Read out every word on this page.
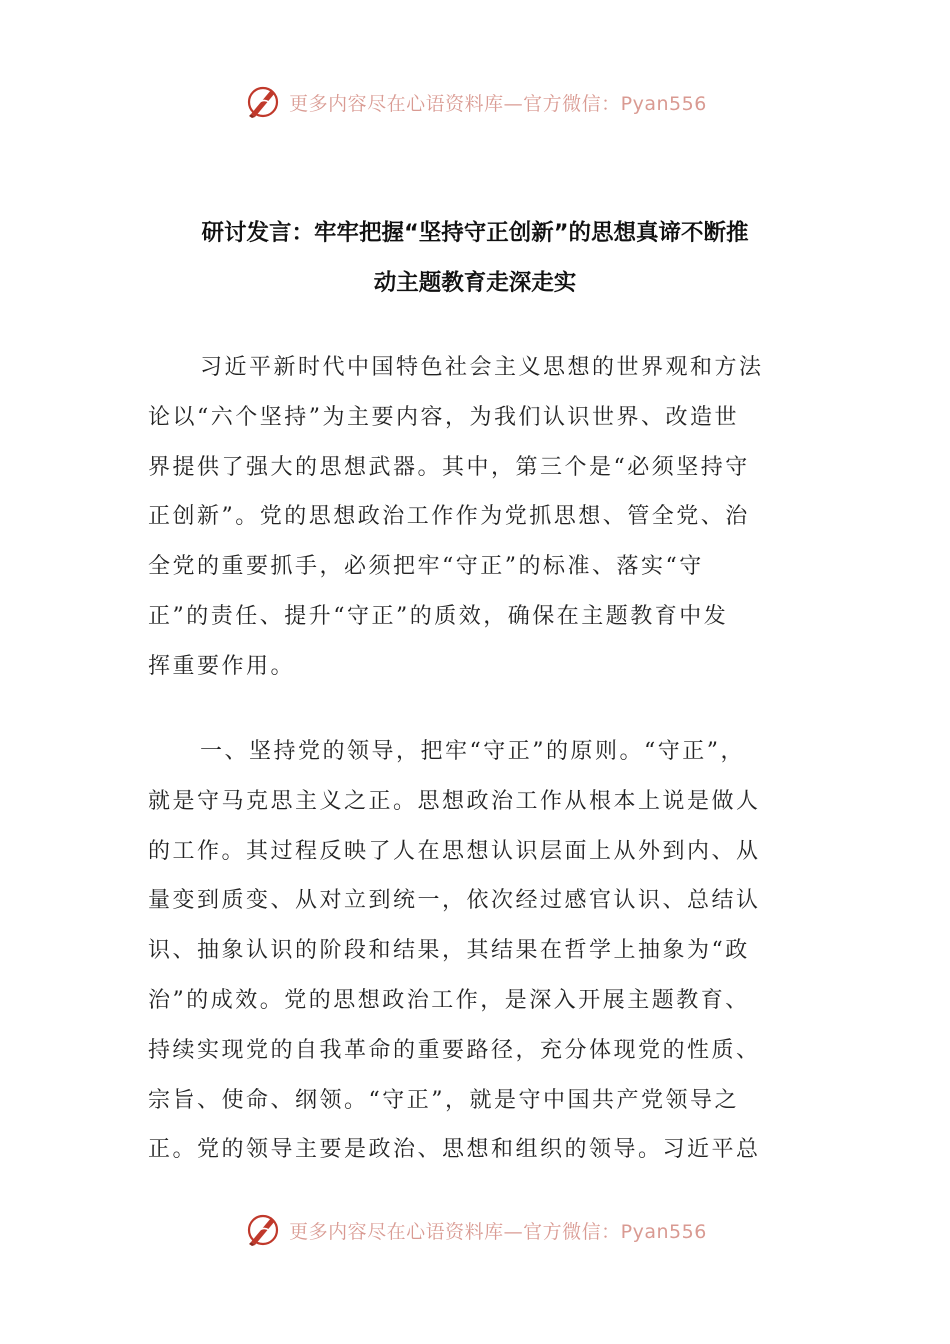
更多内容尽在心语资料库—官方微信：Pyan556
研讨发言：牢牢把握“坚持守正创新”的思想真谛不断推
动主题教育走深走实
习近平新时代中国特色社会主义思想的世界观和方法
论以“六个坚持”为主要内容，为我们认识世界、改造世
界提供了强大的思想武器。其中，第三个是“必须坚持守
正创新”。党的思想政治工作作为党抓思想、管全党、治
全党的重要抓手，必须把牢“守正”的标准、落实“守
正”的责任、提升“守正”的质效，确保在主题教育中发
挥重要作用。
一、坚持党的领导，把牢“守正”的原则。“守正”，
就是守马克思主义之正。思想政治工作从根本上说是做人
的工作。其过程反映了人在思想认识层面上从外到内、从
量变到质变、从对立到统一，依次经过感官认识、总结认
识、抽象认识的阶段和结果，其结果在哲学上抽象为“政
治”的成效。党的思想政治工作，是深入开展主题教育、
持续实现党的自我革命的重要路径，充分体现党的性质、
宗旨、使命、纲领。“守正”，就是守中国共产党领导之
正。党的领导主要是政治、思想和组织的领导。习近平总
更多内容尽在心语资料库—官方微信：Pyan556
